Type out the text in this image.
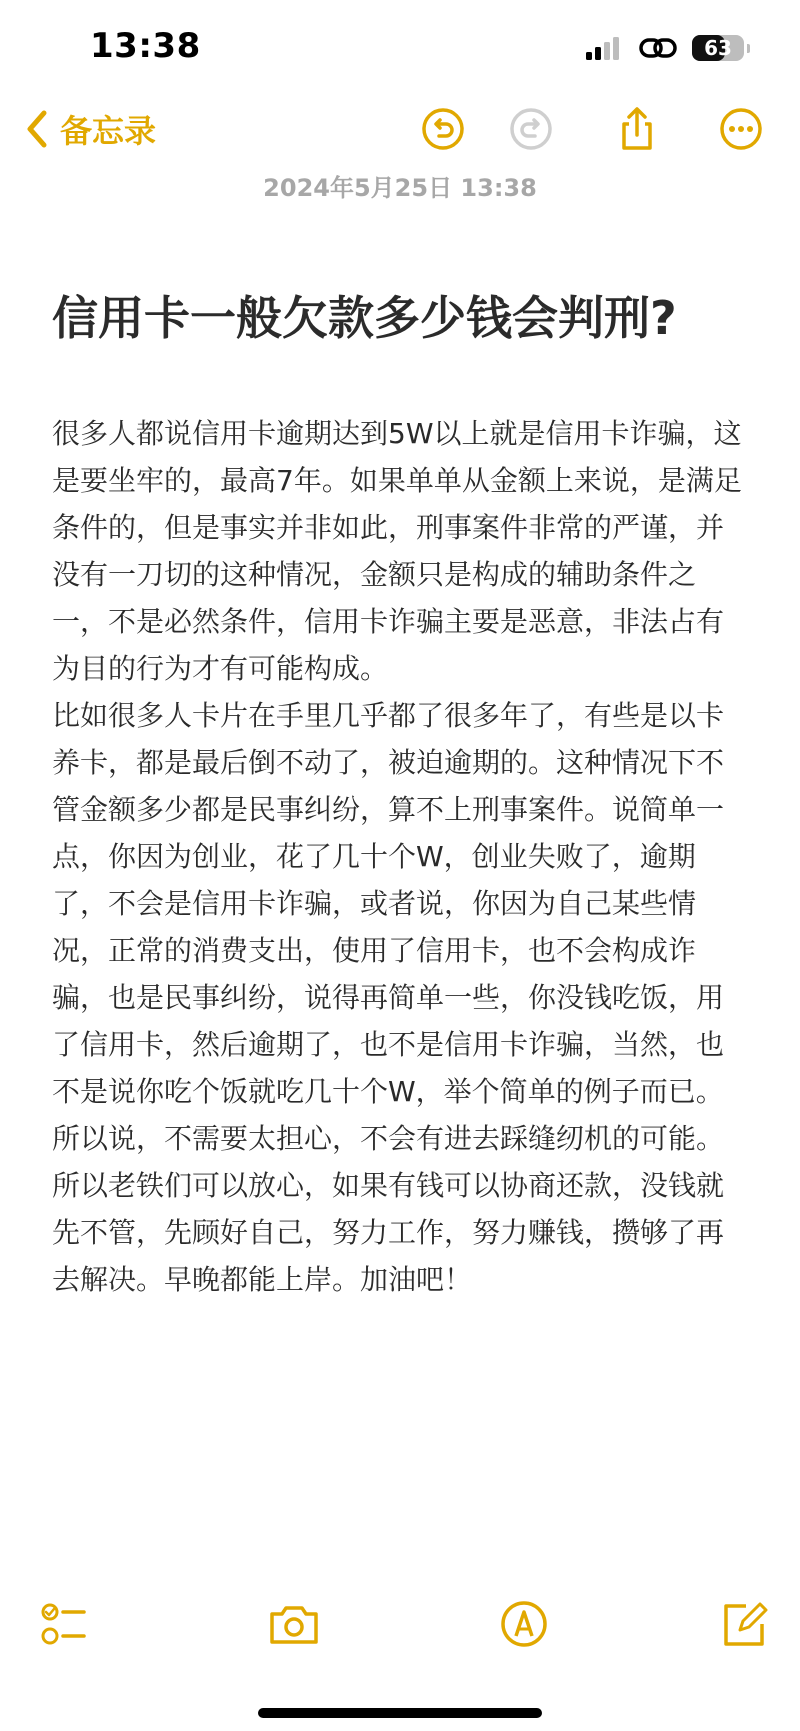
13:38	63
备忘录
2024年5月25日 13:38
信用卡一般欠款多少钱会判刑?

很多人都说信用卡逾期达到5W以上就是信用卡诈骗，这是要坐牢的，最高7年。如果单单从金额上来说，是满足条件的，但是事实并非如此，刑事案件非常的严谨，并没有一刀切的这种情况，金额只是构成的辅助条件之一，不是必然条件，信用卡诈骗主要是恶意，非法占有为目的行为才有可能构成。

比如很多人卡片在手里几乎都了很多年了，有些是以卡养卡，都是最后倒不动了，被迫逾期的。这种情况下不管金额多少都是民事纠纷，算不上刑事案件。说简单一点，你因为创业，花了几十个W，创业失败了，逾期了，不会是信用卡诈骗，或者说，你因为自己某些情况，正常的消费支出，使用了信用卡，也不会构成诈骗，也是民事纠纷，说得再简单一些，你没钱吃饭，用了信用卡，然后逾期了，也不是信用卡诈骗，当然，也不是说你吃个饭就吃几十个W，举个简单的例子而已。所以说，不需要太担心，不会有进去踩缝纫机的可能。所以老铁们可以放心，如果有钱可以协商还款，没钱就先不管，先顾好自己，努力工作，努力赚钱，攒够了再去解决。早晚都能上岸。加油吧！
